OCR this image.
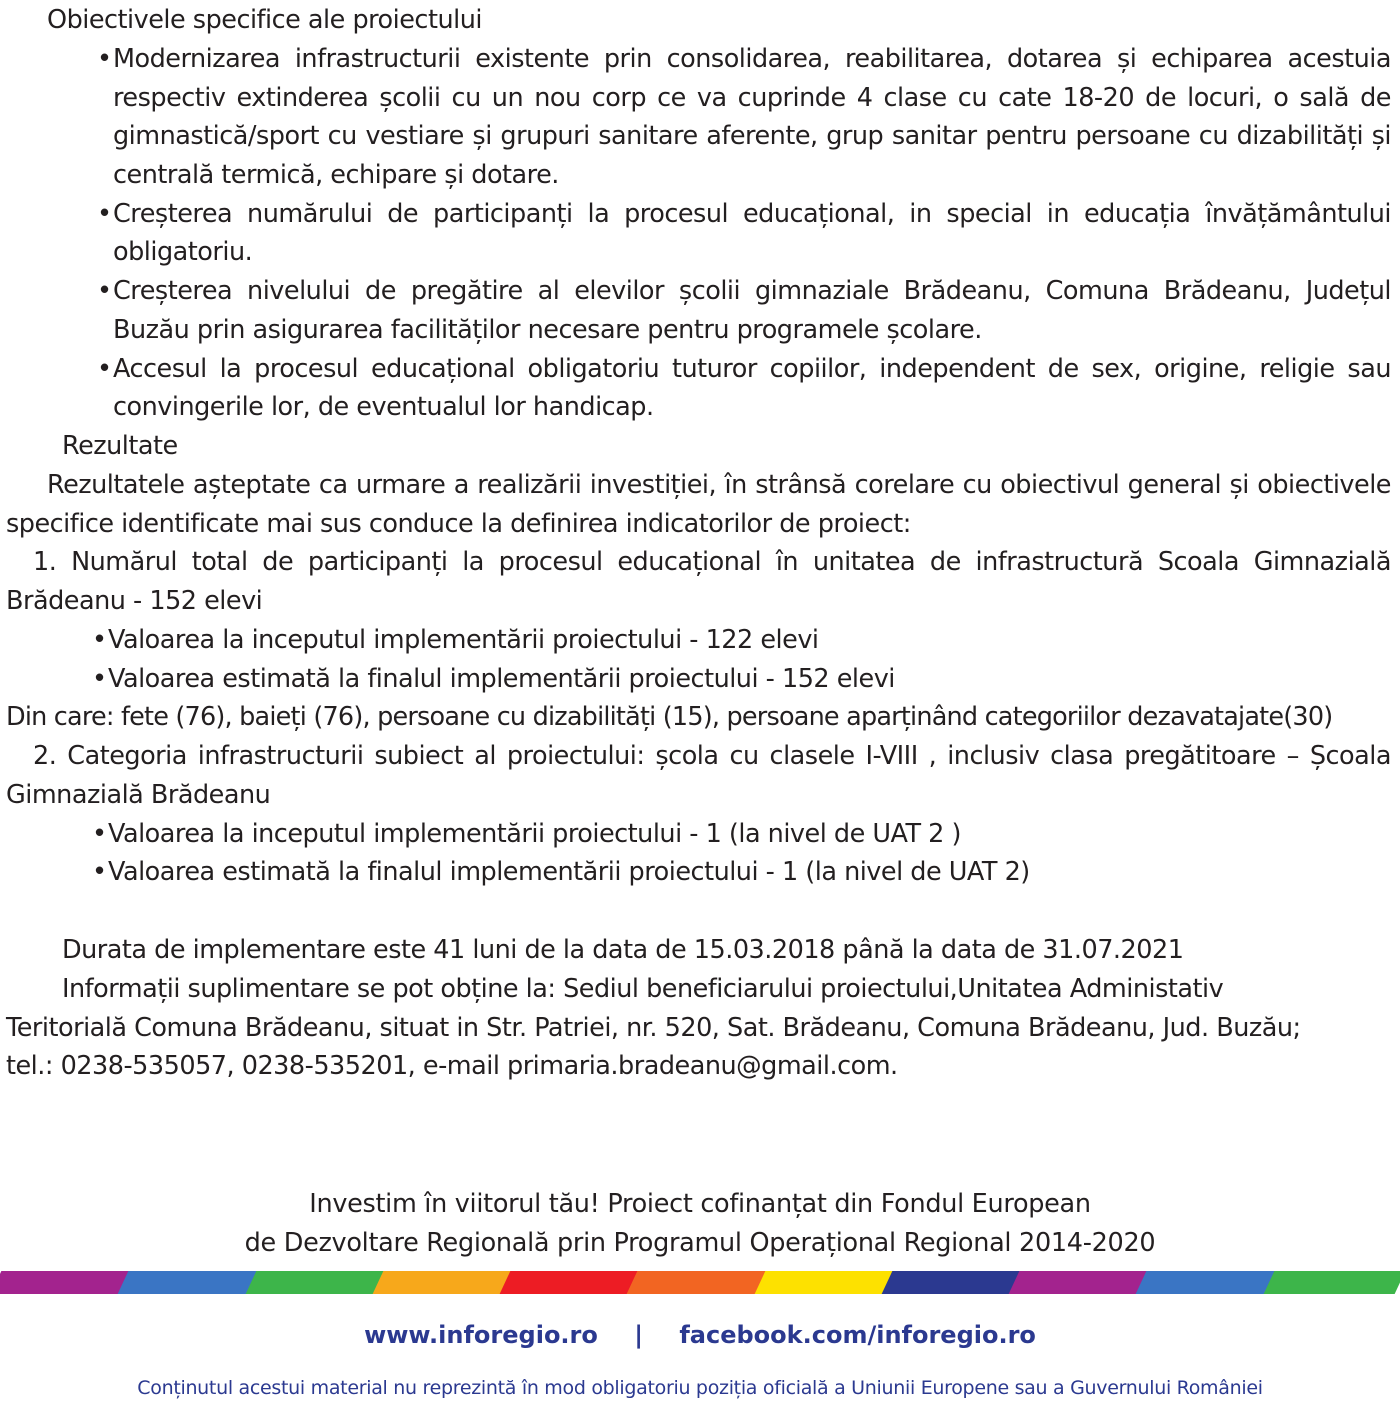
Obiectivele specifice ale proiectului

• Modernizarea infrastructurii existente prin consolidarea, reabilitarea, dotarea și echiparea acestuia

respectiv extinderea școlii cu un nou corp ce va cuprinde 4 clase cu cate 18-20 de locuri, o sală de

gimnastică/sport cu vestiare și grupuri sanitare aferente, grup sanitar pentru persoane cu dizabilități și

centrală termică, echipare și dotare.

• Creșterea numărului de participanți la procesul educațional, in special in educația învățământului

obligatoriu.

• Creșterea nivelului de pregătire al elevilor școlii gimnaziale Brădeanu, Comuna Brădeanu, Județul

Buzău prin asigurarea facilităților necesare pentru programele școlare.

• Accesul la procesul educațional obligatoriu tuturor copiilor, independent de sex, origine, religie sau

convingerile lor, de eventualul lor handicap.

Rezultate

Rezultatele așteptate ca urmare a realizării investiției, în strânsă corelare cu obiectivul general și obiectivele

specifice identificate mai sus conduce la definirea indicatorilor de proiect:

1. Numărul total de participanți la procesul educațional în unitatea de infrastructură Scoala Gimnazială

Brădeanu - 152 elevi

• Valoarea la inceputul implementării proiectului - 122 elevi

• Valoarea estimată la finalul implementării proiectului - 152 elevi

Din care: fete (76), baieți (76), persoane cu dizabilități (15), persoane aparținând categoriilor dezavatajate(30)

2. Categoria infrastructurii subiect al proiectului: școla cu clasele I-VIII , inclusiv clasa pregătitoare – Școala

Gimnazială Brădeanu

• Valoarea la inceputul implementării proiectului - 1 (la nivel de UAT 2 )

• Valoarea estimată la finalul implementării proiectului - 1 (la nivel de UAT 2)

Durata de implementare este 41 luni de la data de 15.03.2018 până la data de 31.07.2021

Informații suplimentare se pot obține la: Sediul beneficiarului proiectului,Unitatea Administativ

Teritorială Comuna Brădeanu, situat in Str. Patriei, nr. 520, Sat. Brădeanu, Comuna Brădeanu, Jud. Buzău;

tel.: 0238-535057, 0238-535201, e-mail primaria.bradeanu@gmail.com.

Investim în viitorul tău! Proiect cofinanțat din Fondul European

de Dezvoltare Regională prin Programul Operațional Regional 2014-2020

www.inforegio.ro | facebook.com/inforegio.ro

Conținutul acestui material nu reprezintă în mod obligatoriu poziția oficială a Uniunii Europene sau a Guvernului României
